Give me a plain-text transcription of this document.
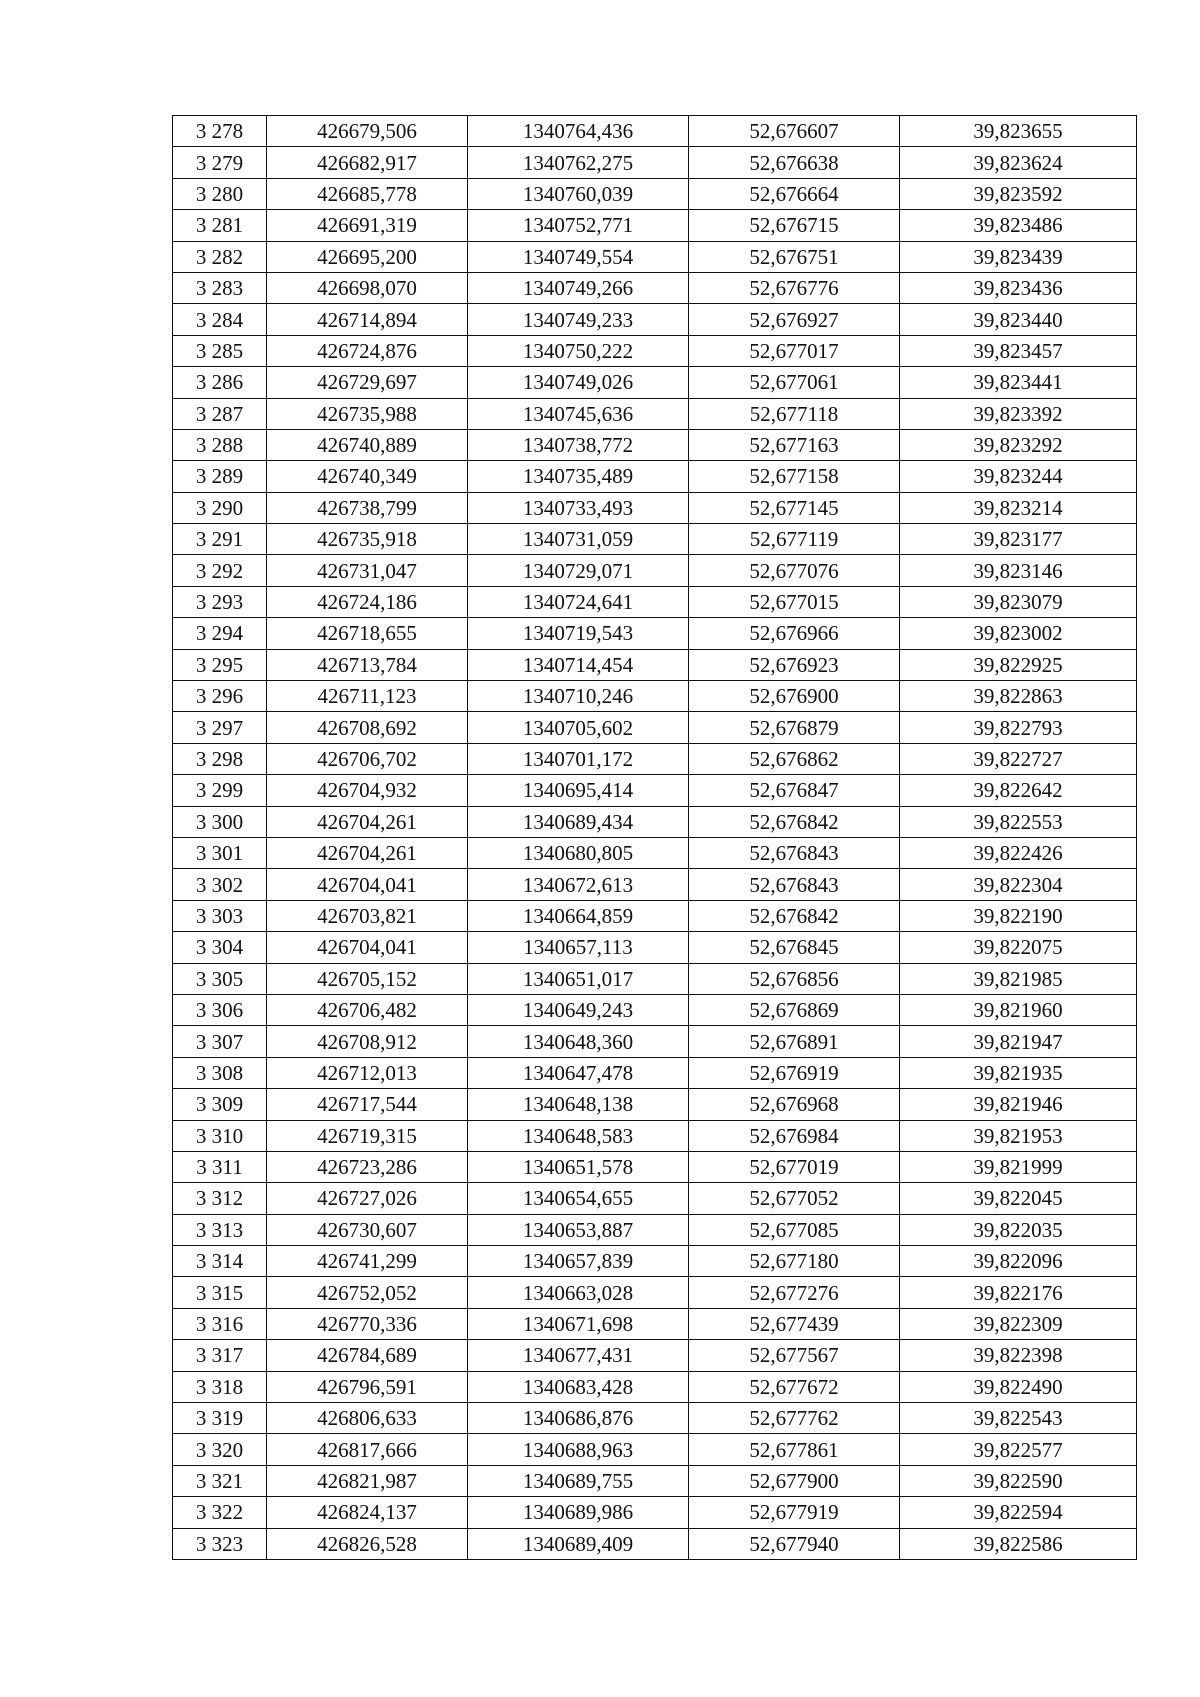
3 278	426679,506	1340764,436	52,676607	39,823655
3 279	426682,917	1340762,275	52,676638	39,823624
3 280	426685,778	1340760,039	52,676664	39,823592
3 281	426691,319	1340752,771	52,676715	39,823486
3 282	426695,200	1340749,554	52,676751	39,823439
3 283	426698,070	1340749,266	52,676776	39,823436
3 284	426714,894	1340749,233	52,676927	39,823440
3 285	426724,876	1340750,222	52,677017	39,823457
3 286	426729,697	1340749,026	52,677061	39,823441
3 287	426735,988	1340745,636	52,677118	39,823392
3 288	426740,889	1340738,772	52,677163	39,823292
3 289	426740,349	1340735,489	52,677158	39,823244
3 290	426738,799	1340733,493	52,677145	39,823214
3 291	426735,918	1340731,059	52,677119	39,823177
3 292	426731,047	1340729,071	52,677076	39,823146
3 293	426724,186	1340724,641	52,677015	39,823079
3 294	426718,655	1340719,543	52,676966	39,823002
3 295	426713,784	1340714,454	52,676923	39,822925
3 296	426711,123	1340710,246	52,676900	39,822863
3 297	426708,692	1340705,602	52,676879	39,822793
3 298	426706,702	1340701,172	52,676862	39,822727
3 299	426704,932	1340695,414	52,676847	39,822642
3 300	426704,261	1340689,434	52,676842	39,822553
3 301	426704,261	1340680,805	52,676843	39,822426
3 302	426704,041	1340672,613	52,676843	39,822304
3 303	426703,821	1340664,859	52,676842	39,822190
3 304	426704,041	1340657,113	52,676845	39,822075
3 305	426705,152	1340651,017	52,676856	39,821985
3 306	426706,482	1340649,243	52,676869	39,821960
3 307	426708,912	1340648,360	52,676891	39,821947
3 308	426712,013	1340647,478	52,676919	39,821935
3 309	426717,544	1340648,138	52,676968	39,821946
3 310	426719,315	1340648,583	52,676984	39,821953
3 311	426723,286	1340651,578	52,677019	39,821999
3 312	426727,026	1340654,655	52,677052	39,822045
3 313	426730,607	1340653,887	52,677085	39,822035
3 314	426741,299	1340657,839	52,677180	39,822096
3 315	426752,052	1340663,028	52,677276	39,822176
3 316	426770,336	1340671,698	52,677439	39,822309
3 317	426784,689	1340677,431	52,677567	39,822398
3 318	426796,591	1340683,428	52,677672	39,822490
3 319	426806,633	1340686,876	52,677762	39,822543
3 320	426817,666	1340688,963	52,677861	39,822577
3 321	426821,987	1340689,755	52,677900	39,822590
3 322	426824,137	1340689,986	52,677919	39,822594
3 323	426826,528	1340689,409	52,677940	39,822586
